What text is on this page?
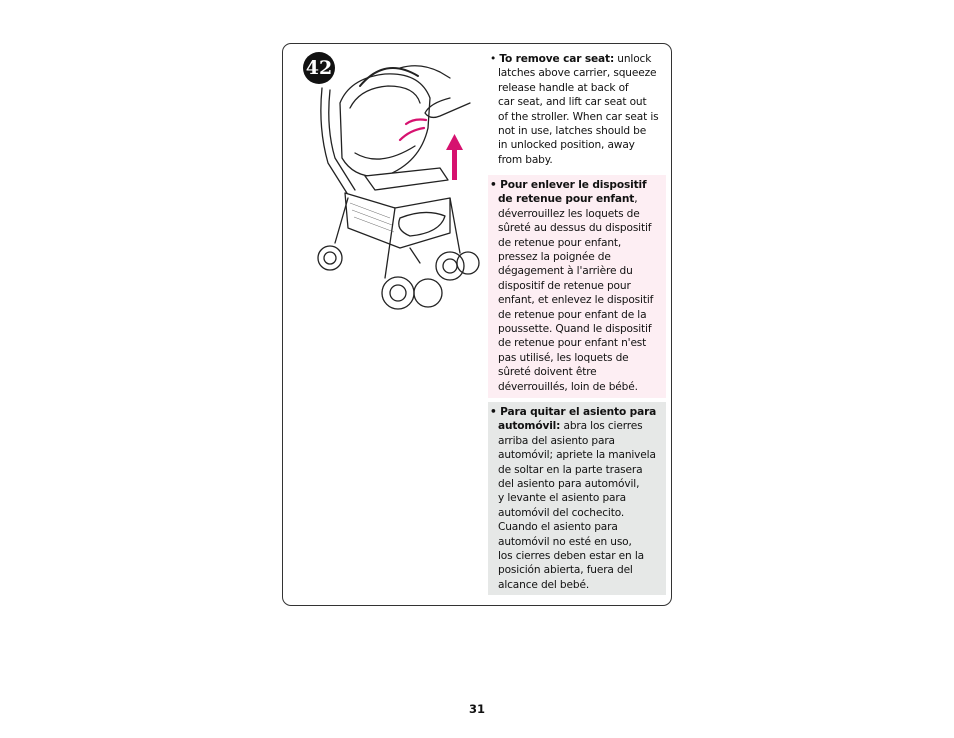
42	• To remove car seat: unlock
latches above carrier, squeeze
release handle at back of
car seat, and lift car seat out
of the stroller. When car seat is
not in use, latches should be
in unlocked position, away
from baby.
• Pour enlever le dispositif
de retenue pour enfant,
déverrouillez les loquets de
sûreté au dessus du dispositif
de retenue pour enfant,
pressez la poignée de
dégagement à l'arrière du
dispositif de retenue pour
enfant, et enlevez le dispositif
de retenue pour enfant de la
poussette. Quand le dispositif
de retenue pour enfant n'est
pas utilisé, les loquets de
sûreté doivent être
déverrouillés, loin de bébé.
• Para quitar el asiento para
automóvil: abra los cierres
arriba del asiento para
automóvil; apriete la manivela
de soltar en la parte trasera
del asiento para automóvil,
y levante el asiento para
automóvil del cochecito.
Cuando el asiento para
automóvil no esté en uso,
los cierres deben estar en la
posición abierta, fuera del
alcance del bebé.
31
